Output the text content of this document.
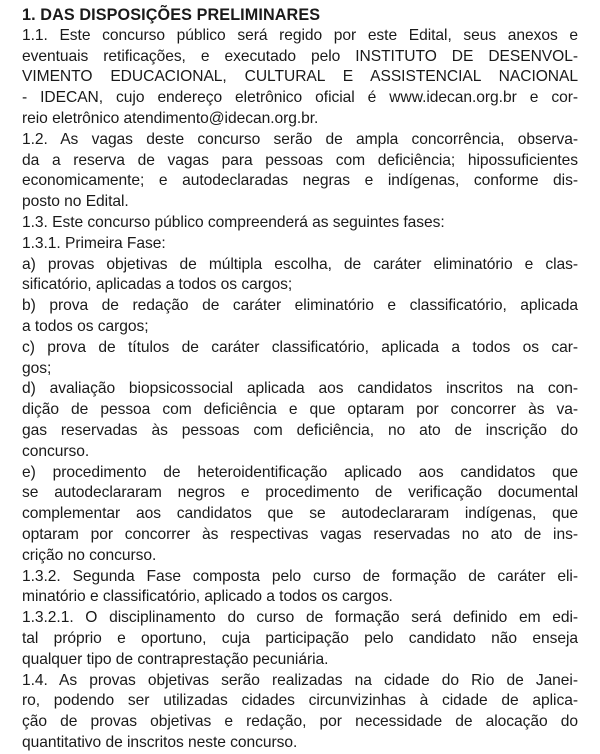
1. DAS DISPOSIÇÕES PRELIMINARES

1.1. Este concurso público será regido por este Edital, seus anexos e
eventuais retificações, e executado pelo INSTITUTO DE DESENVOL-
VIMENTO EDUCACIONAL, CULTURAL E ASSISTENCIAL NACIONAL
- IDECAN, cujo endereço eletrônico oficial é www.idecan.org.br e cor-
reio eletrônico atendimento@idecan.org.br.

1.2. As vagas deste concurso serão de ampla concorrência, observa-
da a reserva de vagas para pessoas com deficiência; hipossuficientes
economicamente; e autodeclaradas negras e indígenas, conforme dis-
posto no Edital.

1.3. Este concurso público compreenderá as seguintes fases:

1.3.1. Primeira Fase:

a) provas objetivas de múltipla escolha, de caráter eliminatório e clas-
sificatório, aplicadas a todos os cargos;

b) prova de redação de caráter eliminatório e classificatório, aplicada
a todos os cargos;

c) prova de títulos de caráter classificatório, aplicada a todos os car-
gos;

d) avaliação biopsicossocial aplicada aos candidatos inscritos na con-
dição de pessoa com deficiência e que optaram por concorrer às va-
gas reservadas às pessoas com deficiência, no ato de inscrição do
concurso.

e) procedimento de heteroidentificação aplicado aos candidatos que
se autodeclararam negros e procedimento de verificação documental
complementar aos candidatos que se autodeclararam indígenas, que
optaram por concorrer às respectivas vagas reservadas no ato de ins-
crição no concurso.

1.3.2. Segunda Fase composta pelo curso de formação de caráter eli-
minatório e classificatório, aplicado a todos os cargos.

1.3.2.1. O disciplinamento do curso de formação será definido em edi-
tal próprio e oportuno, cuja participação pelo candidato não enseja
qualquer tipo de contraprestação pecuniária.

1.4. As provas objetivas serão realizadas na cidade do Rio de Janei-
ro, podendo ser utilizadas cidades circunvizinhas à cidade de aplica-
ção de provas objetivas e redação, por necessidade de alocação do
quantitativo de inscritos neste concurso.
